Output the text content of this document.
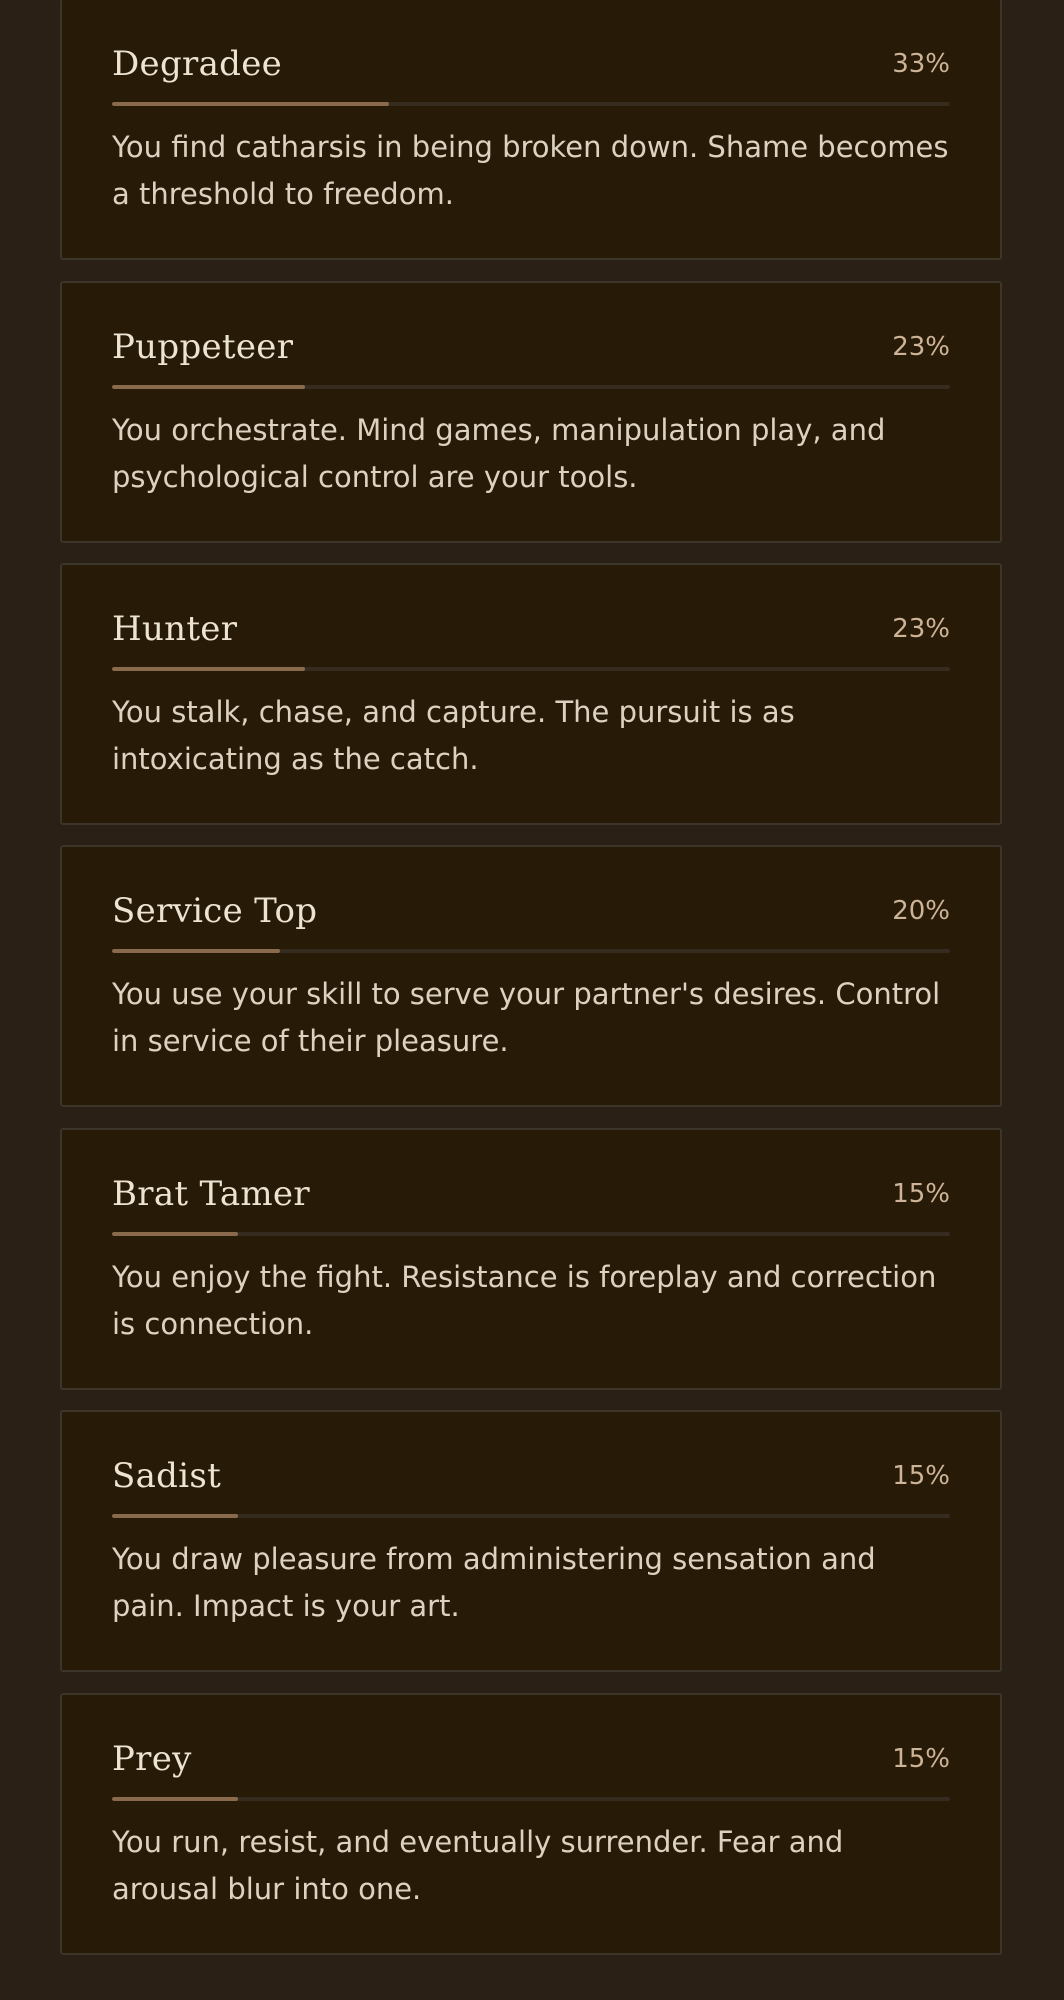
Degradee	33%

You find catharsis in being broken down. Shame becomes a threshold to freedom.

Puppeteer	23%

You orchestrate. Mind games, manipulation play, and psychological control are your tools.

Hunter	23%

You stalk, chase, and capture. The pursuit is as intoxicating as the catch.

Service Top	20%

You use your skill to serve your partner's desires. Control in service of their pleasure.

Brat Tamer	15%

You enjoy the fight. Resistance is foreplay and correction is connection.

Sadist	15%

You draw pleasure from administering sensation and pain. Impact is your art.

Prey	15%

You run, resist, and eventually surrender. Fear and arousal blur into one.
